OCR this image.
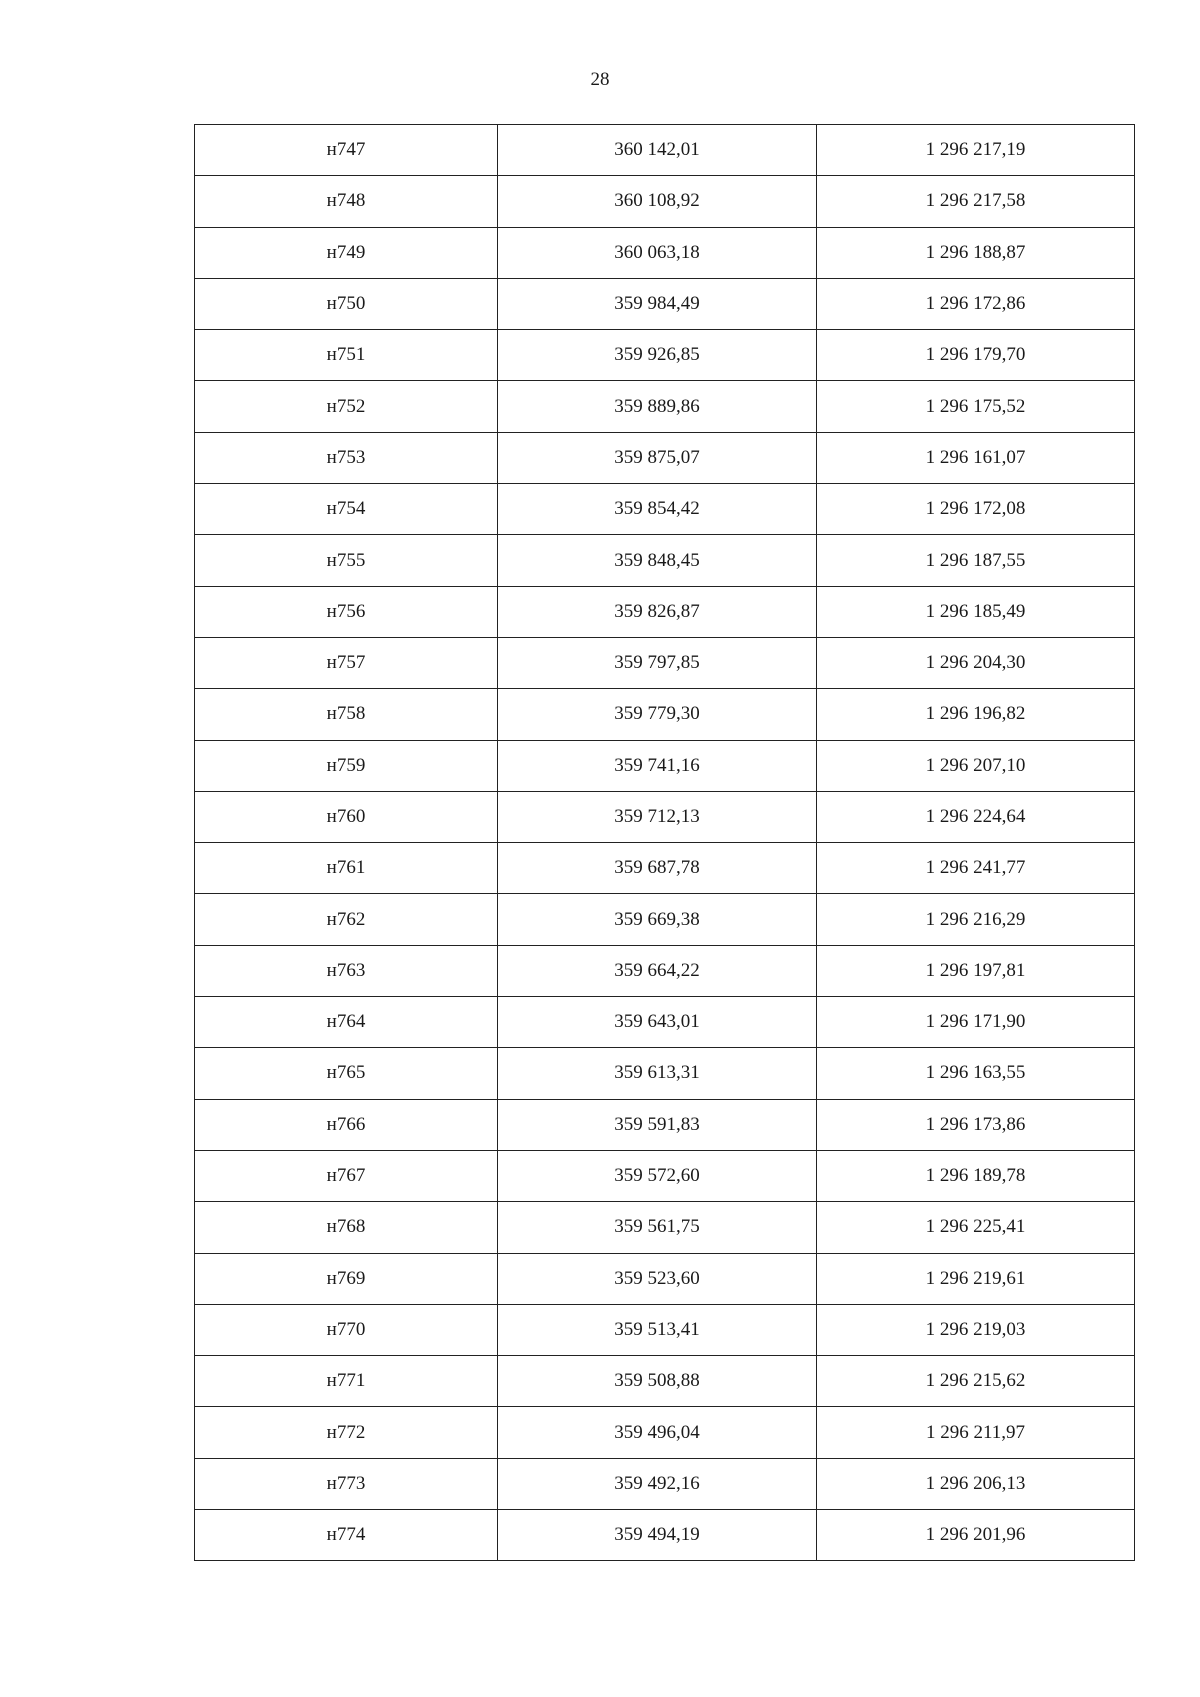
28
н747	360 142,01	1 296 217,19
н748	360 108,92	1 296 217,58
н749	360 063,18	1 296 188,87
н750	359 984,49	1 296 172,86
н751	359 926,85	1 296 179,70
н752	359 889,86	1 296 175,52
н753	359 875,07	1 296 161,07
н754	359 854,42	1 296 172,08
н755	359 848,45	1 296 187,55
н756	359 826,87	1 296 185,49
н757	359 797,85	1 296 204,30
н758	359 779,30	1 296 196,82
н759	359 741,16	1 296 207,10
н760	359 712,13	1 296 224,64
н761	359 687,78	1 296 241,77
н762	359 669,38	1 296 216,29
н763	359 664,22	1 296 197,81
н764	359 643,01	1 296 171,90
н765	359 613,31	1 296 163,55
н766	359 591,83	1 296 173,86
н767	359 572,60	1 296 189,78
н768	359 561,75	1 296 225,41
н769	359 523,60	1 296 219,61
н770	359 513,41	1 296 219,03
н771	359 508,88	1 296 215,62
н772	359 496,04	1 296 211,97
н773	359 492,16	1 296 206,13
н774	359 494,19	1 296 201,96
